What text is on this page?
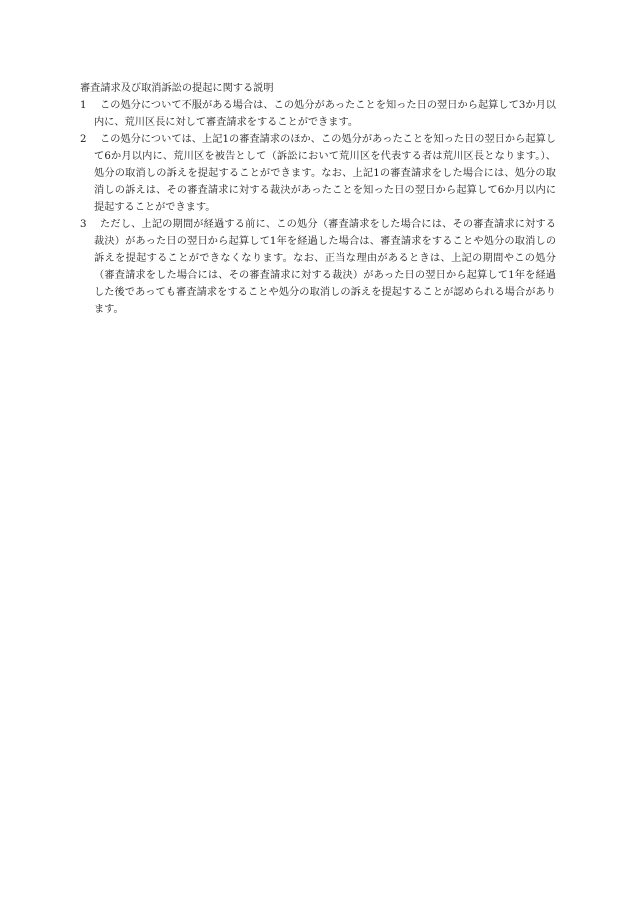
審査請求及び取消訴訟の提起に関する説明
1	この処分について不服がある場合は、この処分があったことを知った日の翌日から起算して3か月以内に、荒川区長に対して審査請求をすることができます。
2	この処分については、上記1の審査請求のほか、この処分があったことを知った日の翌日から起算して6か月以内に、荒川区を被告として（訴訟において荒川区を代表する者は荒川区長となります。）、処分の取消しの訴えを提起することができます。なお、上記1の審査請求をした場合には、処分の取消しの訴えは、その審査請求に対する裁決があったことを知った日の翌日から起算して6か月以内に提起することができます。
3	ただし、上記の期間が経過する前に、この処分（審査請求をした場合には、その審査請求に対する裁決）があった日の翌日から起算して1年を経過した場合は、審査請求をすることや処分の取消しの訴えを提起することができなくなります。なお、正当な理由があるときは、上記の期間やこの処分（審査請求をした場合には、その審査請求に対する裁決）があった日の翌日から起算して1年を経過した後であっても審査請求をすることや処分の取消しの訴えを提起することが認められる場合があります。
